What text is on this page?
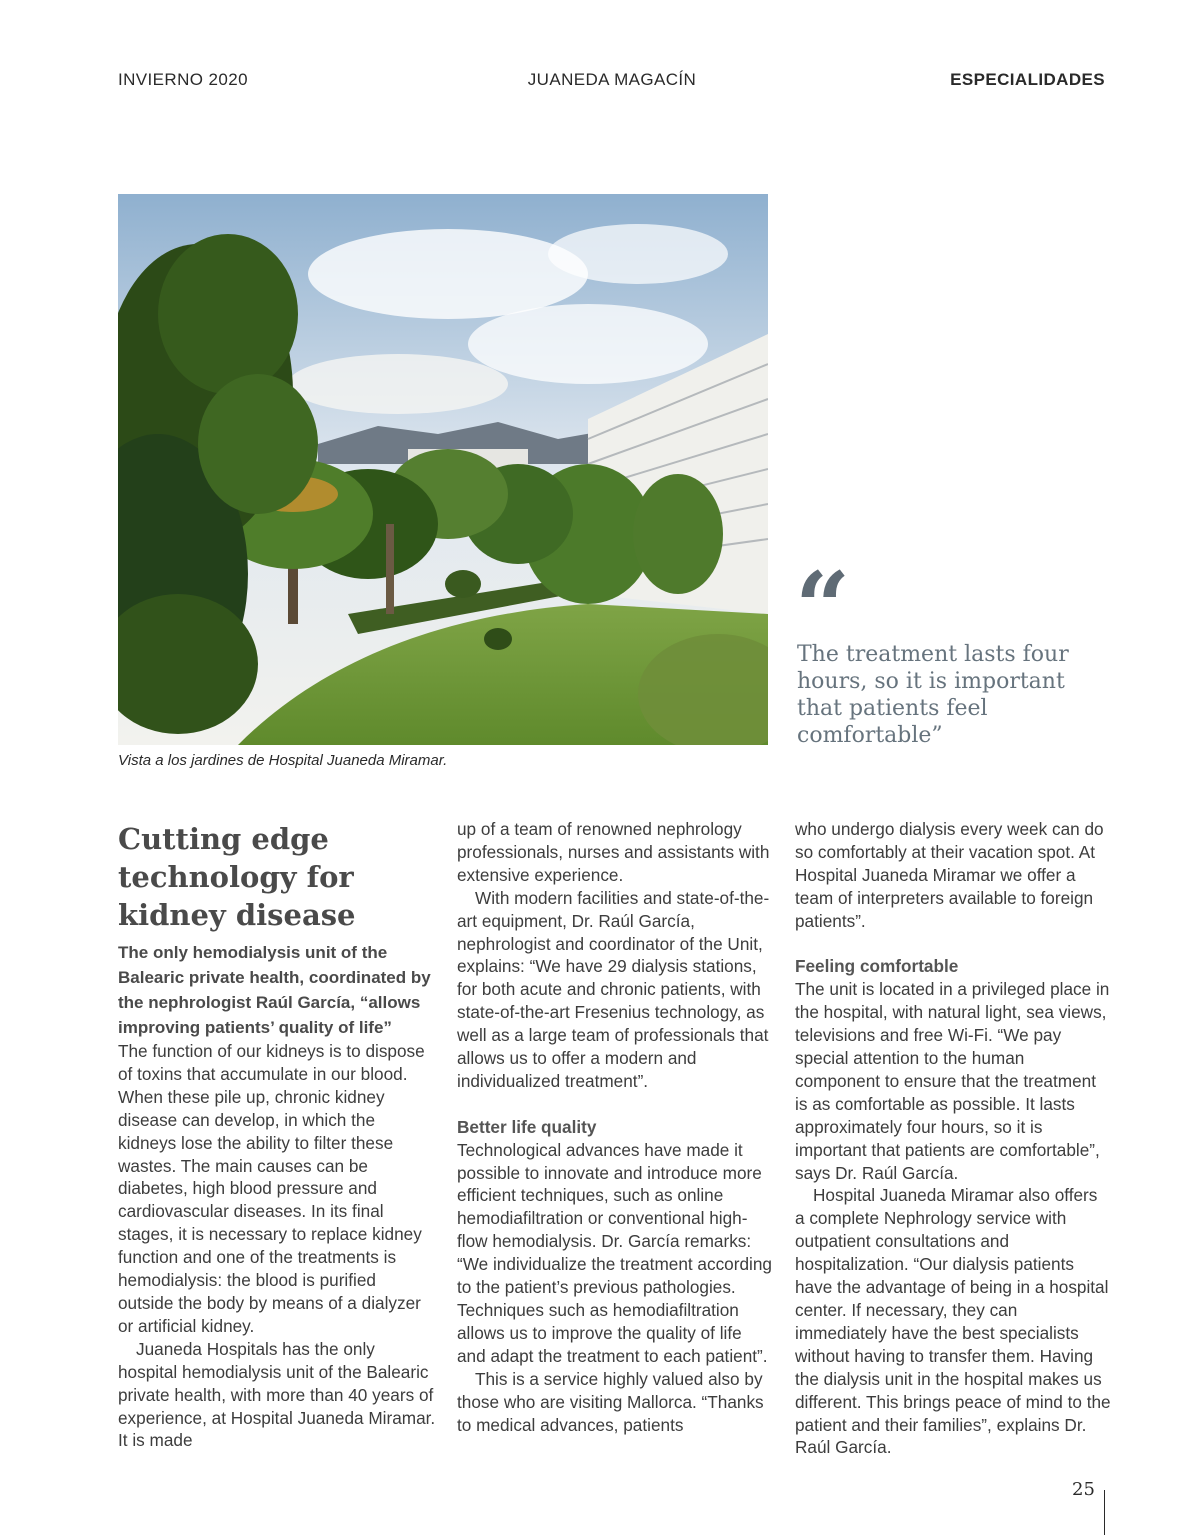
INVIERNO 2020	JUANEDA MAGACÍN	ESPECIALIDADES
Vista a los jardines de Hospital Juaneda Miramar.
“
The treatment lasts four hours, so it is important that patients feel comfortable”
Cutting edge technology for kidney disease

The only hemodialysis unit of the Balearic private health, coordinated by the nephrologist Raúl García, “allows improving patients’ quality of life”

The function of our kidneys is to dispose of toxins that accumulate in our blood. When these pile up, chronic kidney disease can develop, in which the kidneys lose the ability to filter these wastes. The main causes can be diabetes, high blood pressure and cardiovascular diseases. In its final stages, it is necessary to replace kidney function and one of the treatments is hemodialysis: the blood is purified outside the body by means of a dialyzer or artificial kidney.

Juaneda Hospitals has the only hospital hemodialysis unit of the Balearic private health, with more than 40 years of experience, at Hospital Juaneda Miramar. It is made

up of a team of renowned nephrology professionals, nurses and assistants with extensive experience.

With modern facilities and state-of-the-art equipment, Dr. Raúl García, nephrologist and coordinator of the Unit, explains: “We have 29 dialysis stations, for both acute and chronic patients, with state-of-the-art Fresenius technology, as well as a large team of professionals that allows us to offer a modern and individualized treatment”.

Better life quality

Technological advances have made it possible to innovate and introduce more efficient techniques, such as online hemodiafiltration or conventional high-flow hemodialysis. Dr. García remarks: “We individualize the treatment according to the patient’s previous pathologies. Techniques such as hemodiafiltration allows us to improve the quality of life and adapt the treatment to each patient”.

This is a service highly valued also by those who are visiting Mallorca. “Thanks to medical advances, patients

who undergo dialysis every week can do so comfortably at their vacation spot. At Hospital Juaneda Miramar we offer a team of interpreters available to foreign patients”.

Feeling comfortable

The unit is located in a privileged place in the hospital, with natural light, sea views, televisions and free Wi-Fi. “We pay special attention to the human component to ensure that the treatment is as comfortable as possible. It lasts approximately four hours, so it is important that patients are comfortable”, says Dr. Raúl García.

Hospital Juaneda Miramar also offers a complete Nephrology service with outpatient consultations and hospitalization. “Our dialysis patients have the advantage of being in a hospital center. If necessary, they can immediately have the best specialists without having to transfer them. Having the dialysis unit in the hospital makes us different. This brings peace of mind to the patient and their families”, explains Dr. Raúl García.

25
